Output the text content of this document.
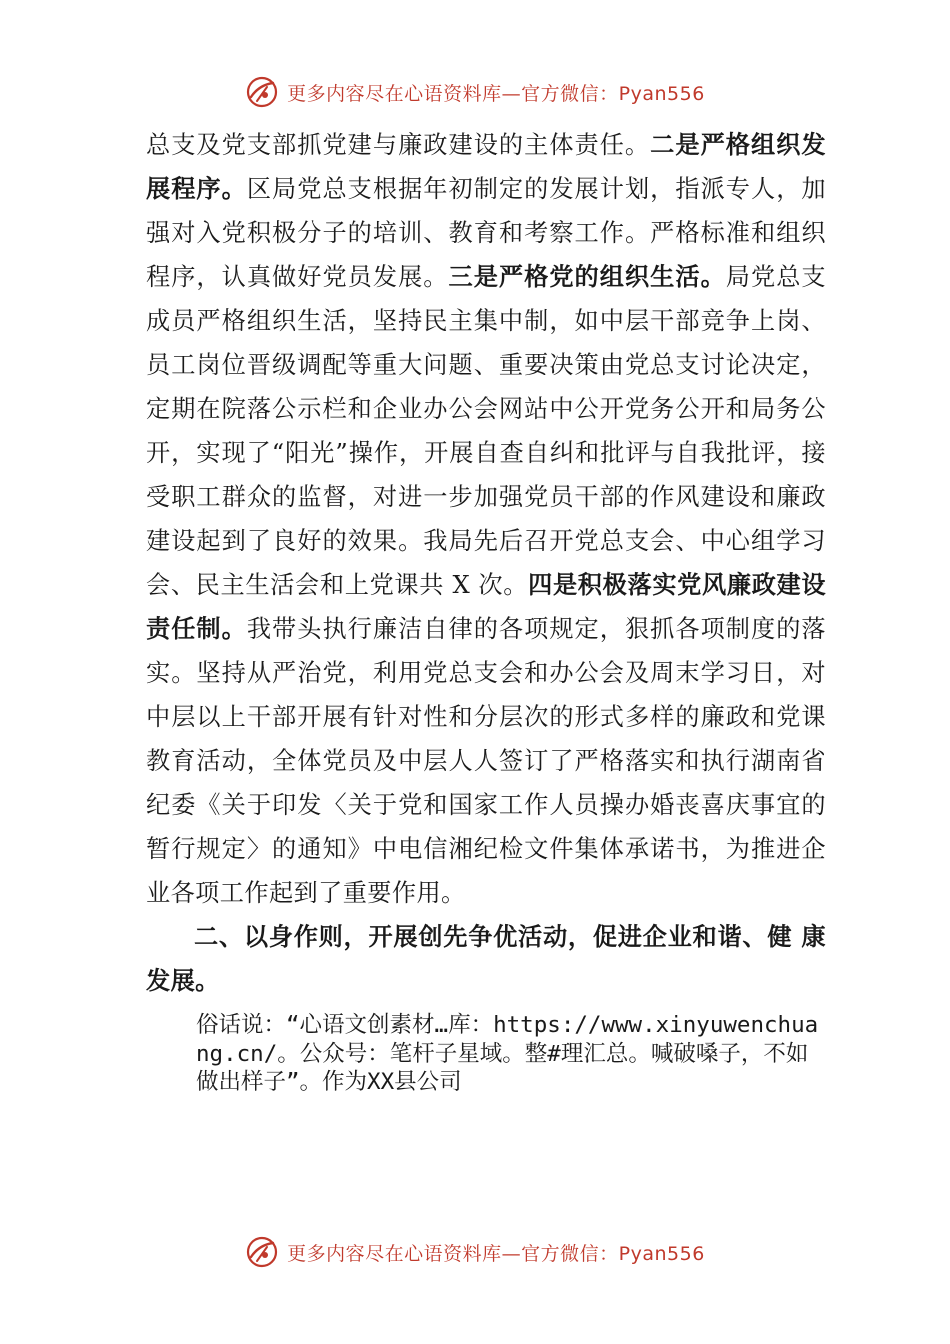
更多内容尽在心语资料库—官方微信：Pyan556

总支及党支部抓党建与廉政建设的主体责任。二是严格组织发展程序。区局党总支根据年初制定的发展计划，指派专人，加强对入党积极分子的培训、教育和考察工作。严格标准和组织程序，认真做好党员发展。三是严格党的组织生活。局党总支成员严格组织生活，坚持民主集中制，如中层干部竞争上岗、员工岗位晋级调配等重大问题、重要决策由党总支讨论决定，定期在院落公示栏和企业办公会网站中公开党务公开和局务公开，实现了“阳光”操作，开展自查自纠和批评与自我批评，接受职工群众的监督，对进一步加强党员干部的作风建设和廉政建设起到了良好的效果。我局先后召开党总支会、中心组学习会、民主生活会和上党课共 X 次。四是积极落实党风廉政建设责任制。我带头执行廉洁自律的各项规定，狠抓各项制度的落实。坚持从严治党，利用党总支会和办公会及周末学习日，对中层以上干部开展有针对性和分层次的形式多样的廉政和党课教育活动，全体党员及中层人人签订了严格落实和执行湖南省纪委《关于印发〈关于党和国家工作人员操办婚丧喜庆事宜的暂行规定〉的通知》中电信湘纪检文件集体承诺书，为推进企业各项工作起到了重要作用。

二、以身作则，开展创先争优活动，促进企业和谐、健 康发展。

俗话说：“心语文创素材…库：https://www.xinyuwenchuang.cn/。公众号：笔杆子星域。整#理汇总。喊破嗓子，不如做出样子”。作为XX县公司
更多内容尽在心语资料库—官方微信：Pyan556
